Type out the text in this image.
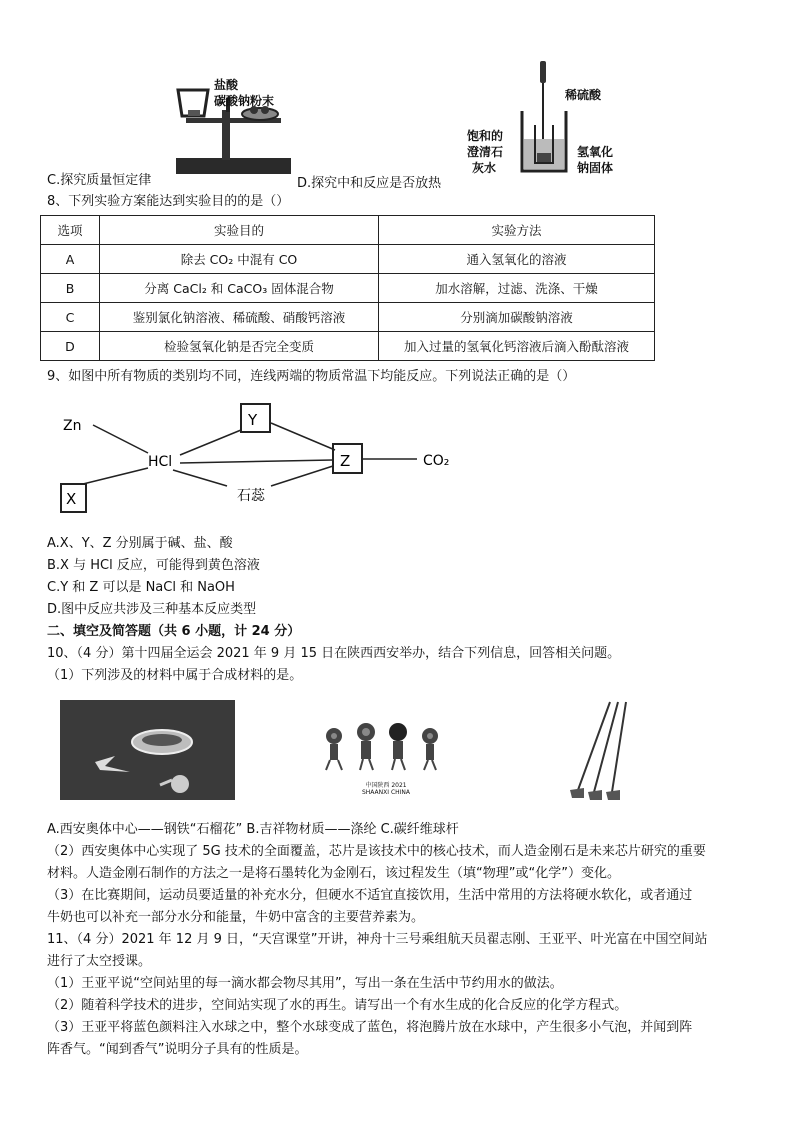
盐酸
碳酸钠粉末	稀硫酸
饱和的
澄清石
灰水
氢氧化
钠固体
C.探究质量恒定律	D.探究中和反应是否放热
8、下列实验方案能达到实验目的的是（）
选项	实验目的	实验方法
A	除去 CO₂ 中混有 CO	通入氢氧化的溶液
B	分离 CaCl₂ 和 CaCO₃ 固体混合物	加水溶解，过滤、洗涤、干燥
C	鉴别氯化钠溶液、稀硫酸、硝酸钙溶液	分别滴加碳酸钠溶液
D	检验氢氧化钠是否完全变质	加入过量的氢氧化钙溶液后滴入酚酞溶液
9、如图中所有物质的类别均不同，连线两端的物质常温下均能反应。下列说法正确的是（）
Zn
HCl
X
Y
Z	CO₂
石蕊
A.X、Y、Z 分别属于碱、盐、酸
B.X 与 HCl 反应，可能得到黄色溶液
C.Y 和 Z 可以是 NaCl 和 NaOH
D.图中反应共涉及三种基本反应类型
二、填空及简答题（共 6 小题，计 24 分）
10、（4 分）第十四届全运会 2021 年 9 月 15 日在陕西西安举办，结合下列信息，回答相关问题。
（1）下列涉及的材料中属于合成材料的是。
中国陕西 2021 SHAANXI CHINA
A.西安奥体中心——钢铁“石榴花” B.吉祥物材质——涤纶 C.碳纤维球杆
（2）西安奥体中心实现了 5G 技术的全面覆盖，芯片是该技术中的核心技术，而人造金刚石是未来芯片研究的重要
材料。人造金刚石制作的方法之一是将石墨转化为金刚石，该过程发生（填“物理”或“化学”）变化。
（3）在比赛期间，运动员要适量的补充水分，但硬水不适宜直接饮用，生活中常用的方法将硬水软化，或者通过
牛奶也可以补充一部分水分和能量，牛奶中富含的主要营养素为。
11、（4 分）2021 年 12 月 9 日，“天宫课堂”开讲，神舟十三号乘组航天员翟志刚、王亚平、叶光富在中国空间站
进行了太空授课。
（1）王亚平说“空间站里的每一滴水都会物尽其用”，写出一条在生活中节约用水的做法。
（2）随着科学技术的进步，空间站实现了水的再生。请写出一个有水生成的化合反应的化学方程式。
（3）王亚平将蓝色颜料注入水球之中，整个水球变成了蓝色，将泡腾片放在水球中，产生很多小气泡，并闻到阵
阵香气。“闻到香气”说明分子具有的性质是。
